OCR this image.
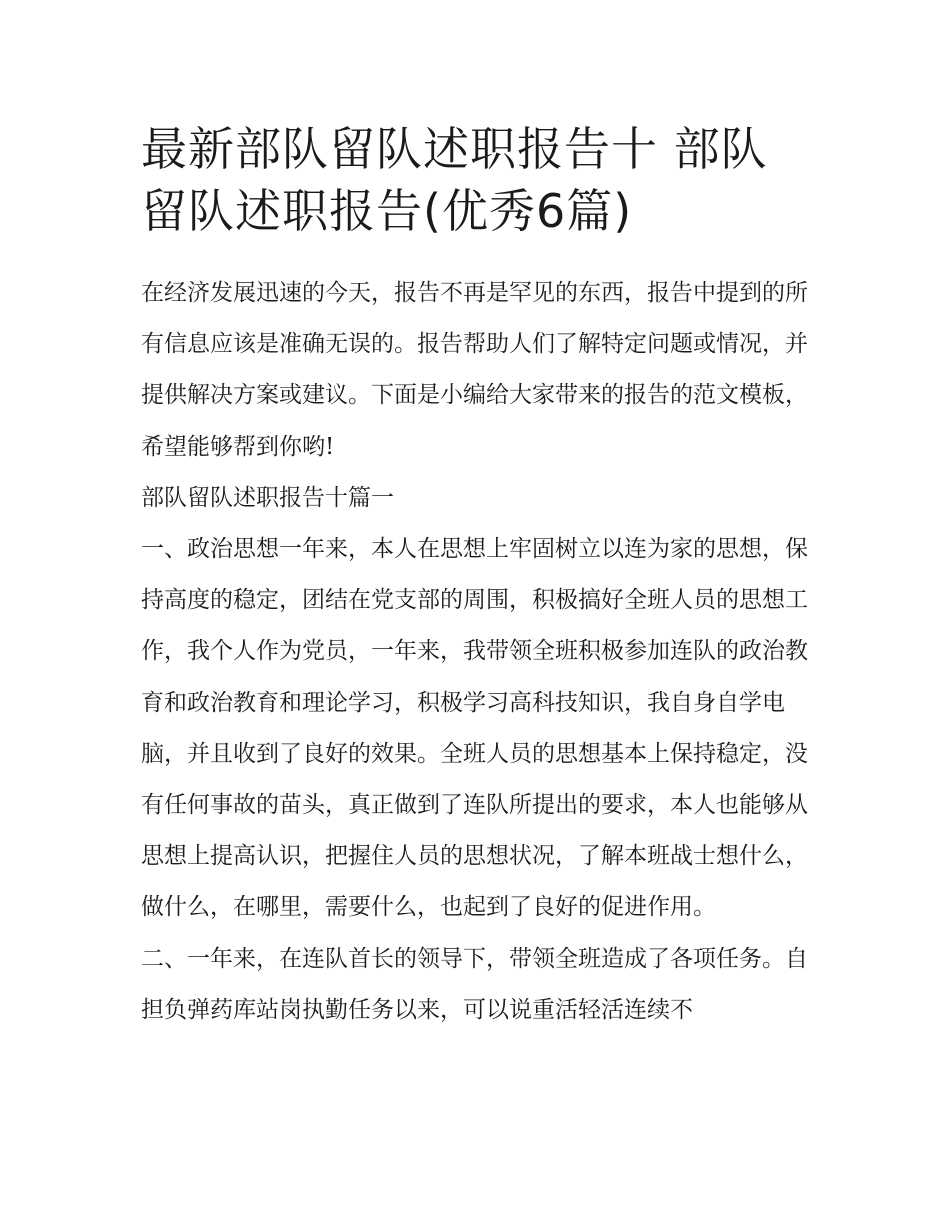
最新部队留队述职报告十 部队
留队述职报告(优秀6篇)

在经济发展迅速的今天，报告不再是罕见的东西，报告中提到的所有信息应该是准确无误的。报告帮助人们了解特定问题或情况，并提供解决方案或建议。下面是小编给大家带来的报告的范文模板，希望能够帮到你哟!

部队留队述职报告十篇一

一、政治思想一年来，本人在思想上牢固树立以连为家的思想，保持高度的稳定，团结在党支部的周围，积极搞好全班人员的思想工作，我个人作为党员，一年来，我带领全班积极参加连队的政治教育和政治教育和理论学习，积极学习高科技知识，我自身自学电脑，并且收到了良好的效果。全班人员的思想基本上保持稳定，没有任何事故的苗头，真正做到了连队所提出的要求，本人也能够从思想上提高认识，把握住人员的思想状况，了解本班战士想什么，做什么，在哪里，需要什么，也起到了良好的促进作用。

二、一年来，在连队首长的领导下，带领全班造成了各项任务。自担负弹药库站岗执勤任务以来，可以说重活轻活连续不
